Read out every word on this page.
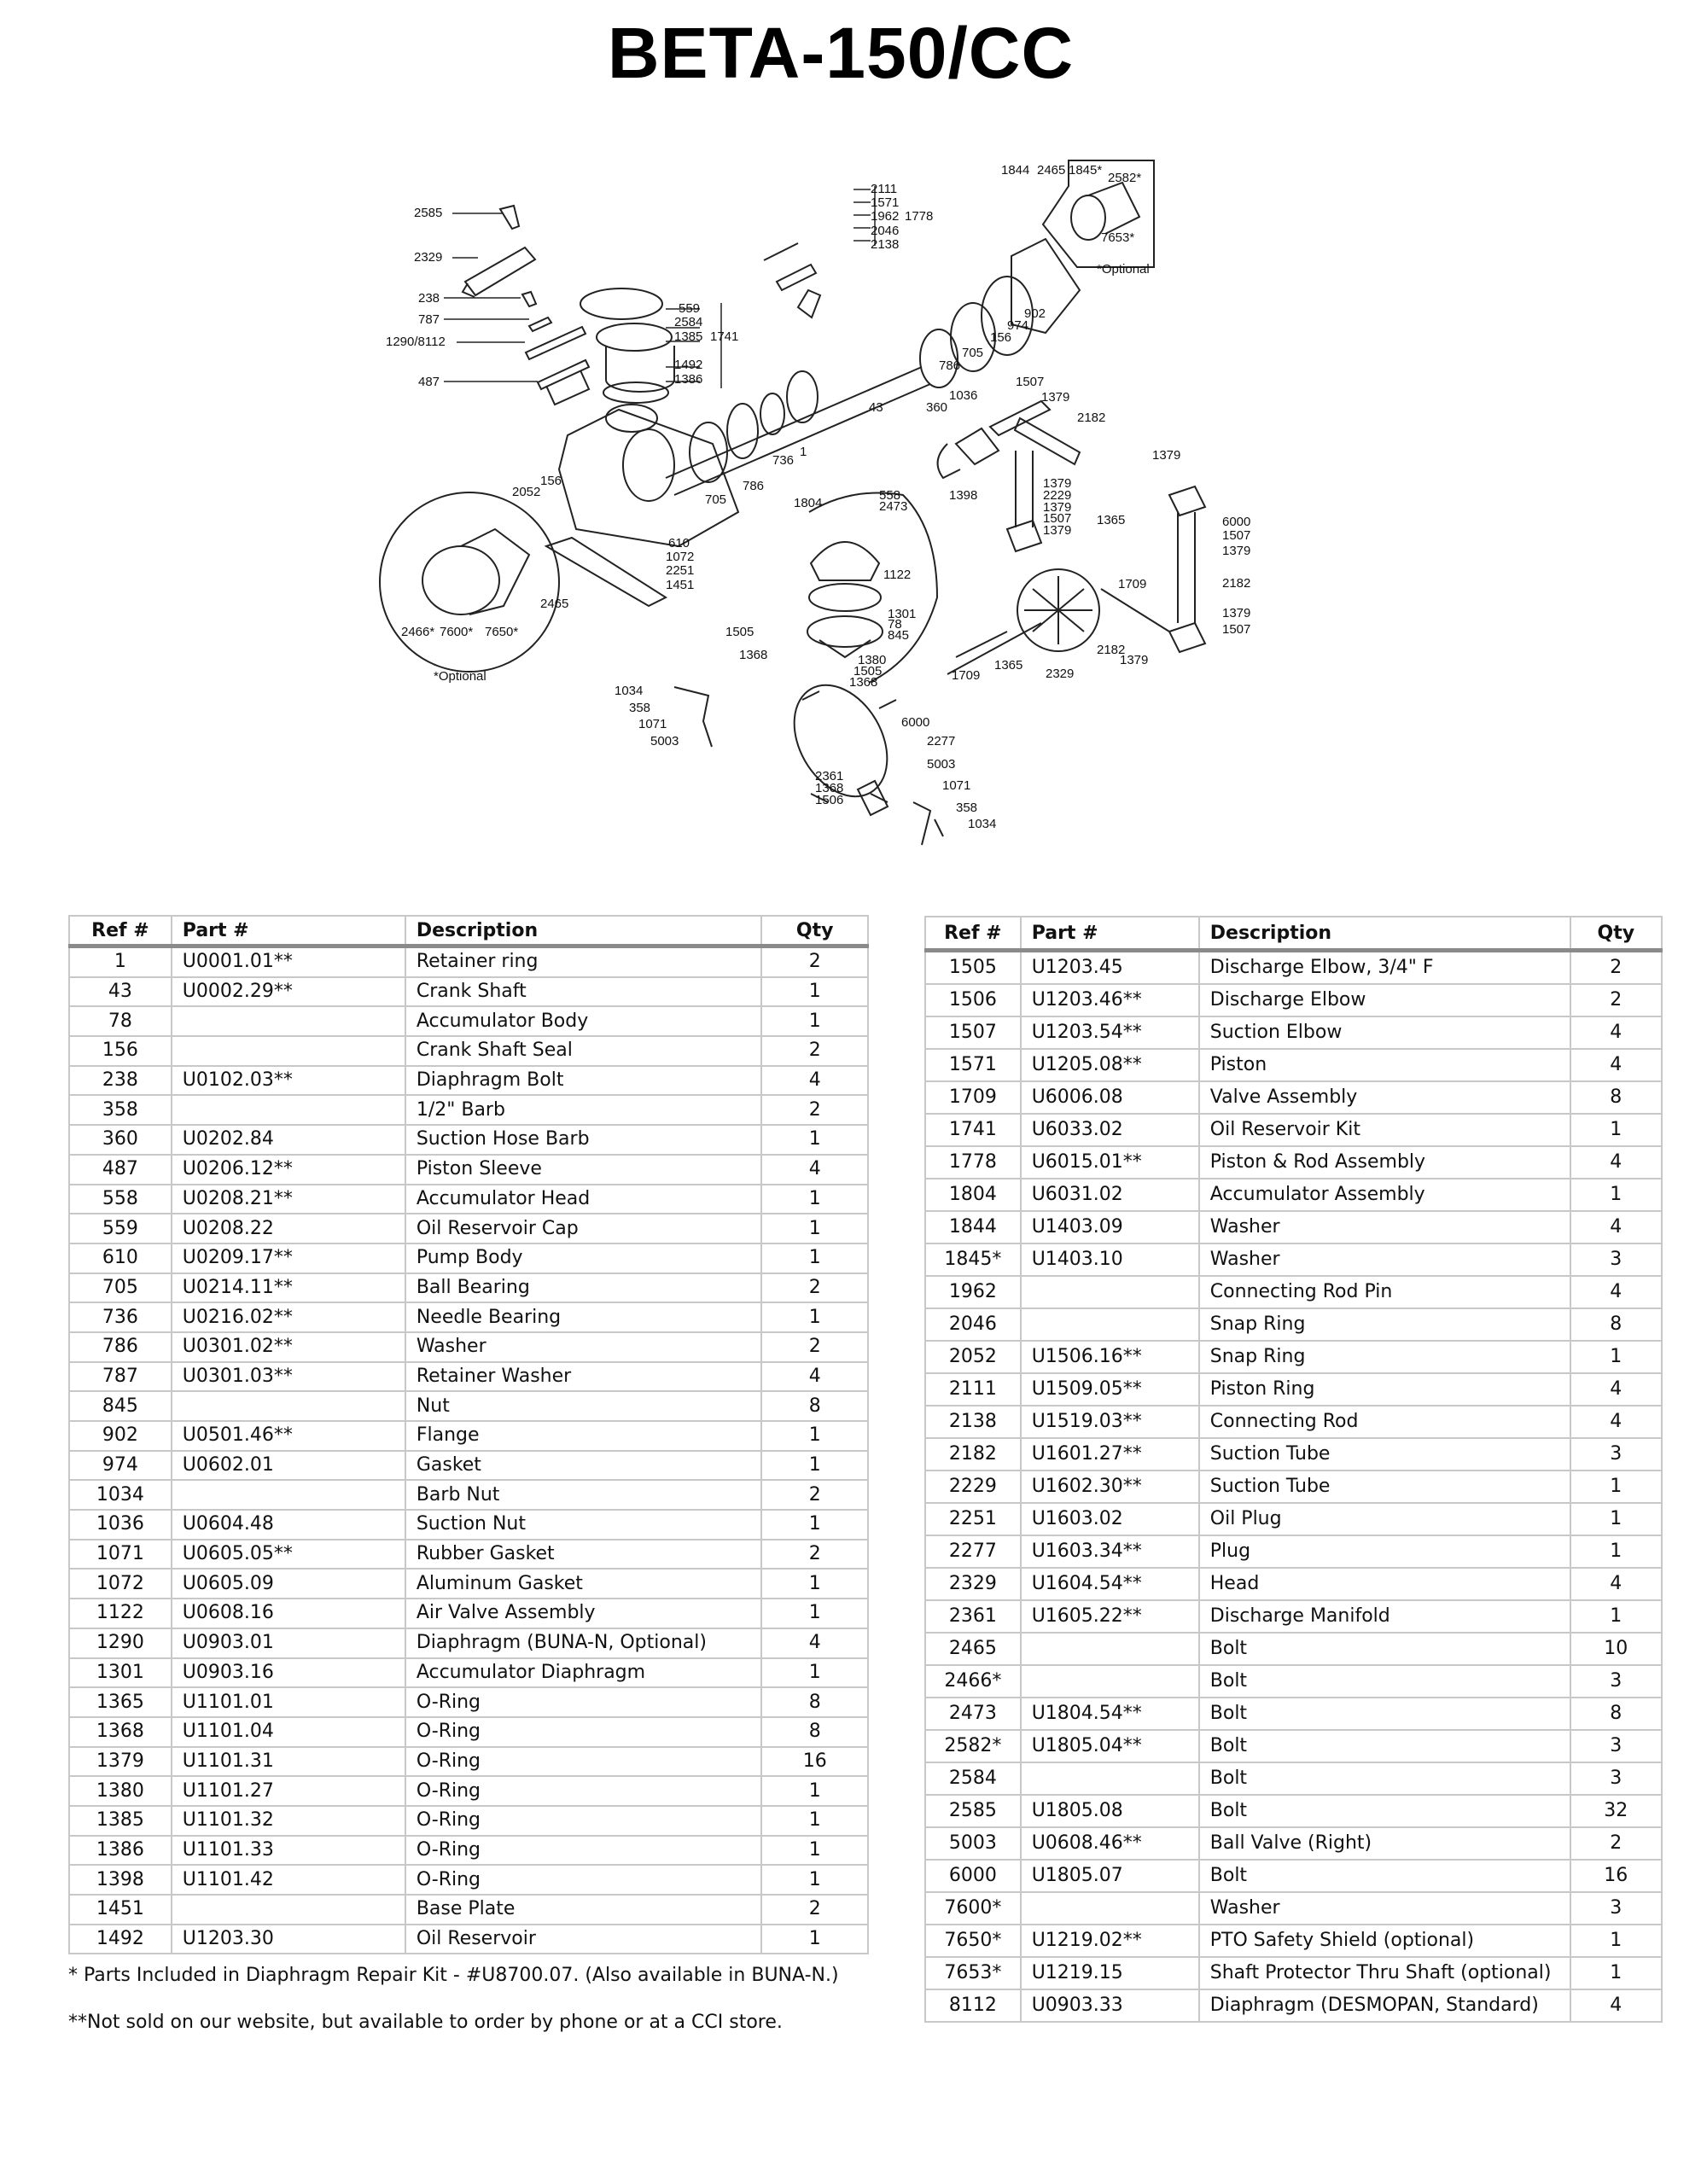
BETA-150/CC
2585
2329
238
787
1290/8112
487
559
2584
1385
1492
1386
1741
2111
1571
1962
2046
2138
1778
43
1
736
786
705
156
974
902
786
705
1844 2465 1845*
2582*
7653*
*Optional
2052
156
610
1072
2251
1451
2465
2466* 7600* 7650*
*Optional
1036
360
1507
1379
2182
1398
1379
2229
1379
1507
1379
1379
6000
1507
1379
2182
1379
1507
2182
1379
1365
1709
1365
1709	2329
1804
558
2473
1122
1301
78
845
1505
1368	1380
1505
1368
1034
358
1071
5003
6000
2277
2361
1368
1506
5003
1071
358
1034
Ref #	Part #	Description	Qty
1	U0001.01**	Retainer ring	2
43	U0002.29**	Crank Shaft	1
78		Accumulator Body	1
156		Crank Shaft Seal	2
238	U0102.03**	Diaphragm Bolt	4
358		1/2" Barb	2
360	U0202.84	Suction Hose Barb	1
487	U0206.12**	Piston Sleeve	4
558	U0208.21**	Accumulator Head	1
559	U0208.22	Oil Reservoir Cap	1
610	U0209.17**	Pump Body	1
705	U0214.11**	Ball Bearing	2
736	U0216.02**	Needle Bearing	1
786	U0301.02**	Washer	2
787	U0301.03**	Retainer Washer	4
845		Nut	8
902	U0501.46**	Flange	1
974	U0602.01	Gasket	1
1034		Barb Nut	2
1036	U0604.48	Suction Nut	1
1071	U0605.05**	Rubber Gasket	2
1072	U0605.09	Aluminum Gasket	1
1122	U0608.16	Air Valve Assembly	1
1290	U0903.01	Diaphragm (BUNA-N, Optional)	4
1301	U0903.16	Accumulator Diaphragm	1
1365	U1101.01	O-Ring	8
1368	U1101.04	O-Ring	8
1379	U1101.31	O-Ring	16
1380	U1101.27	O-Ring	1
1385	U1101.32	O-Ring	1
1386	U1101.33	O-Ring	1
1398	U1101.42	O-Ring	1
1451		Base Plate	2
1492	U1203.30	Oil Reservoir	1
Ref #	Part #	Description	Qty
1505	U1203.45	Discharge Elbow, 3/4" F	2
1506	U1203.46**	Discharge Elbow	2
1507	U1203.54**	Suction Elbow	4
1571	U1205.08**	Piston	4
1709	U6006.08	Valve Assembly	8
1741	U6033.02	Oil Reservoir Kit	1
1778	U6015.01**	Piston & Rod Assembly	4
1804	U6031.02	Accumulator Assembly	1
1844	U1403.09	Washer	4
1845*	U1403.10	Washer	3
1962		Connecting Rod Pin	4
2046		Snap Ring	8
2052	U1506.16**	Snap Ring	1
2111	U1509.05**	Piston Ring	4
2138	U1519.03**	Connecting Rod	4
2182	U1601.27**	Suction Tube	3
2229	U1602.30**	Suction Tube	1
2251	U1603.02	Oil Plug	1
2277	U1603.34**	Plug	1
2329	U1604.54**	Head	4
2361	U1605.22**	Discharge Manifold	1
2465		Bolt	10
2466*		Bolt	3
2473	U1804.54**	Bolt	8
2582*	U1805.04**	Bolt	3
2584		Bolt	3
2585	U1805.08	Bolt	32
5003	U0608.46**	Ball Valve (Right)	2
6000	U1805.07	Bolt	16
7600*		Washer	3
7650*	U1219.02**	PTO Safety Shield (optional)	1
7653*	U1219.15	Shaft Protector Thru Shaft (optional)	1
8112	U0903.33	Diaphragm (DESMOPAN, Standard)	4
* Parts Included in Diaphragm Repair Kit - #U8700.07. (Also available in BUNA-N.)
**Not sold on our website, but available to order by phone or at a CCI store.
